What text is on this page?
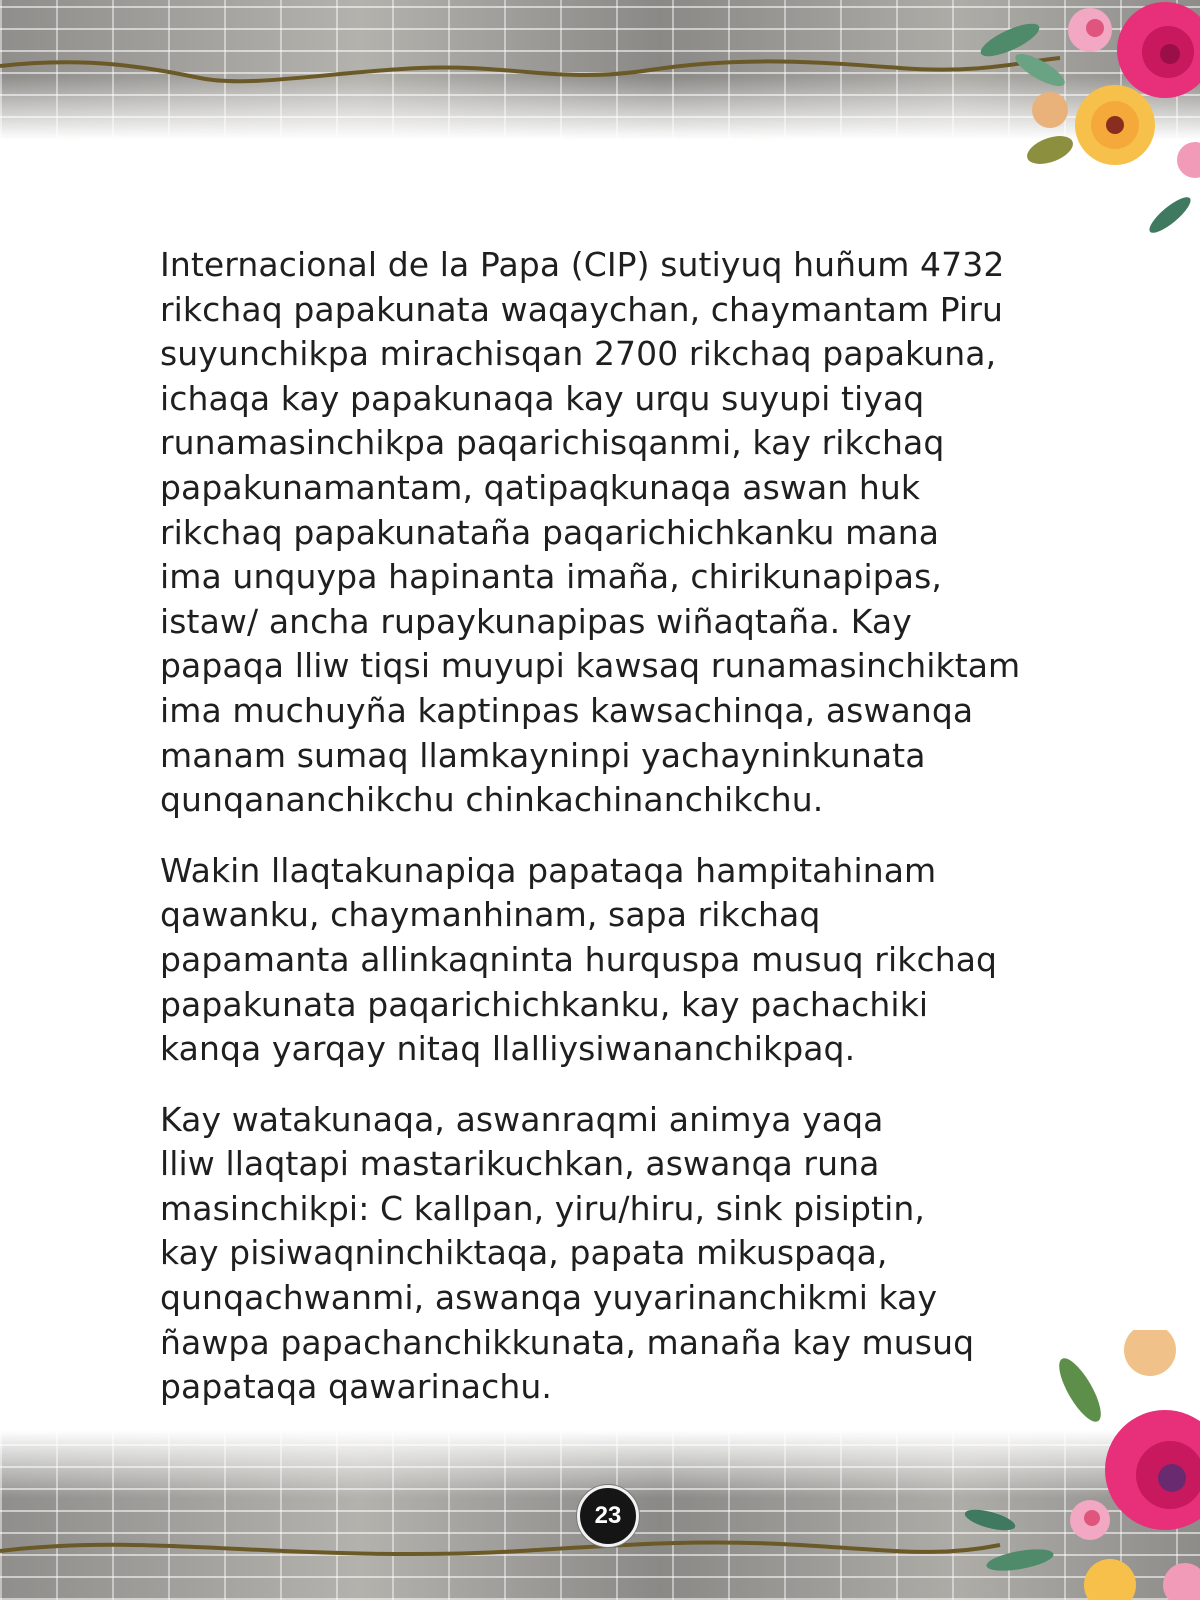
Internacional de la Papa (CIP) sutiyuq huñum 4732
rikchaq papakunata waqaychan, chaymantam Piru
suyunchikpa mirachisqan 2700 rikchaq papakuna,
ichaqa kay papakunaqa kay urqu suyupi tiyaq
runamasinchikpa paqarichisqanmi, kay rikchaq
papakunamantam, qatipaqkunaqa aswan huk
rikchaq papakunataña paqarichichkanku mana
ima unquypa hapinanta imaña, chirikunapipas,
istaw/ ancha rupaykunapipas wiñaqtaña. Kay
papaqa lliw tiqsi muyupi kawsaq runamasinchiktam
ima muchuyña kaptinpas kawsachinqa, aswanqa
manam sumaq llamkayninpi yachayninkunata
qunqananchikchu chinkachinanchikchu.

Wakin llaqtakunapiqa papataqa hampitahinam
qawanku, chaymanhinam, sapa rikchaq
papamanta allinkaqninta hurquspa musuq rikchaq
papakunata paqarichichkanku, kay pachachiki
kanqa yarqay nitaq llalliysiwananchikpaq.

Kay watakunaqa, aswanraqmi animya yaqa
lliw llaqtapi mastarikuchkan, aswanqa runa
masinchikpi: C kallpan, yiru/hiru, sink pisiptin,
kay pisiwaqninchiktaqa, papata mikuspaqa,
qunqachwanmi, aswanqa yuyarinanchikmi kay
ñawpa papachanchikkunata, manaña kay musuq
papataqa qawarinachu.

23
